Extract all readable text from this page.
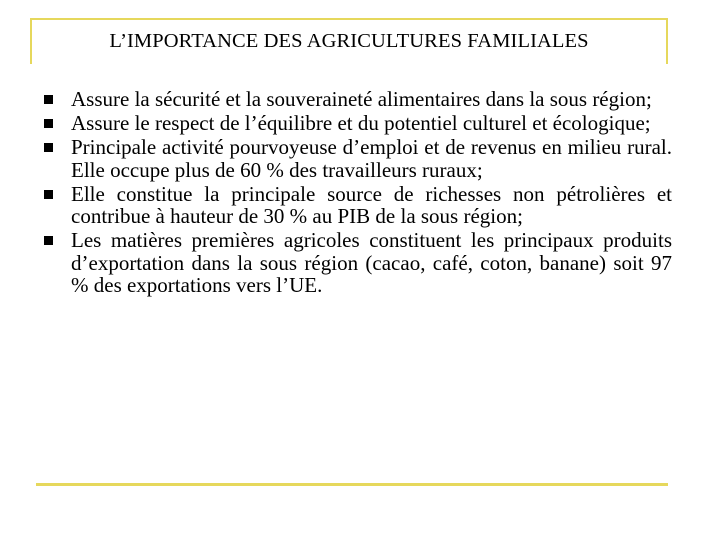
L’IMPORTANCE DES AGRICULTURES FAMILIALES
Assure la sécurité et la souveraineté alimentaires dans la sous région;
Assure le respect de l’équilibre et du potentiel culturel et écologique;
Principale activité pourvoyeuse d’emploi et de revenus en milieu rural. Elle occupe plus de 60 % des travailleurs ruraux;
Elle constitue la principale source de richesses non pétrolières et contribue à hauteur de 30 % au PIB de la sous région;
Les matières premières agricoles constituent les principaux produits d’exportation dans la sous région (cacao, café, coton, banane) soit 97 % des exportations vers l’UE.
